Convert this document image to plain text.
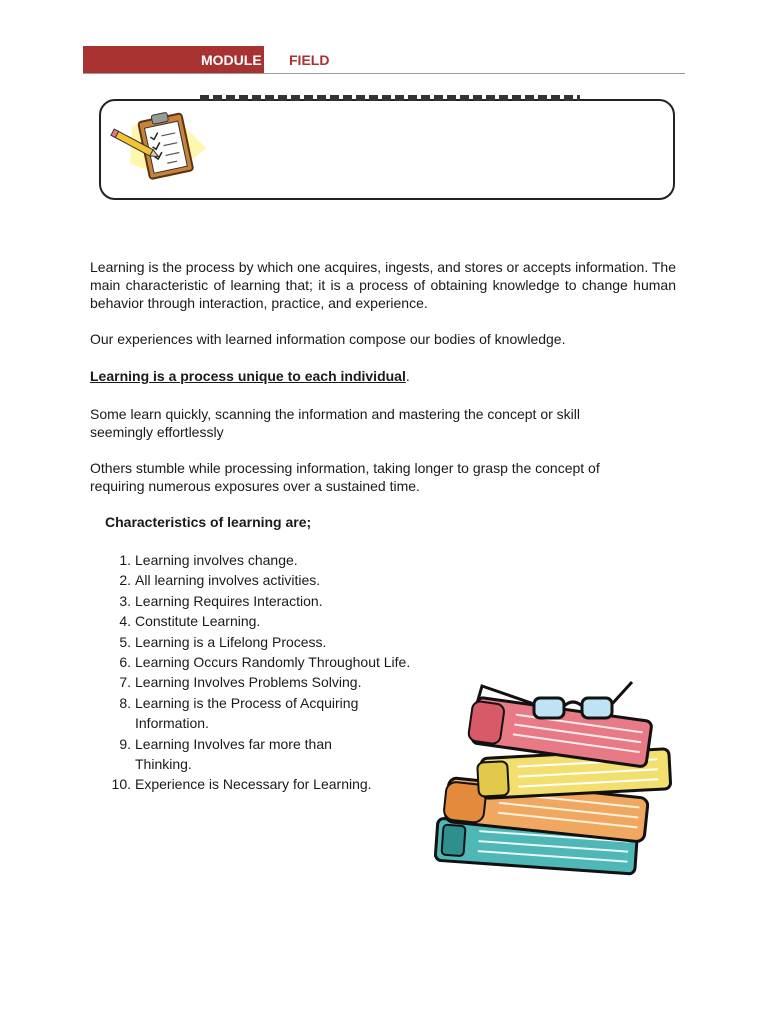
MODULE FIELD

Learning is the process by which one acquires, ingests, and stores or accepts information. The main characteristic of learning that; it is a process of obtaining knowledge to change human behavior through interaction, practice, and experience.

Our experiences with learned information compose our bodies of knowledge.

Learning is a process unique to each individual.

Some learn quickly, scanning the information and mastering the concept or skill seemingly effortlessly

Others stumble while processing information, taking longer to grasp the concept of requiring numerous exposures over a sustained time.

Characteristics of learning are;

1. Learning involves change.
2. All learning involves activities.
3. Learning Requires Interaction.
4. Constitute Learning.
5. Learning is a Lifelong Process.
6. Learning Occurs Randomly Throughout Life.
7. Learning Involves Problems Solving.
8. Learning is the Process of Acquiring Information.
9. Learning Involves far more than Thinking.
10. Experience is Necessary for Learning.
